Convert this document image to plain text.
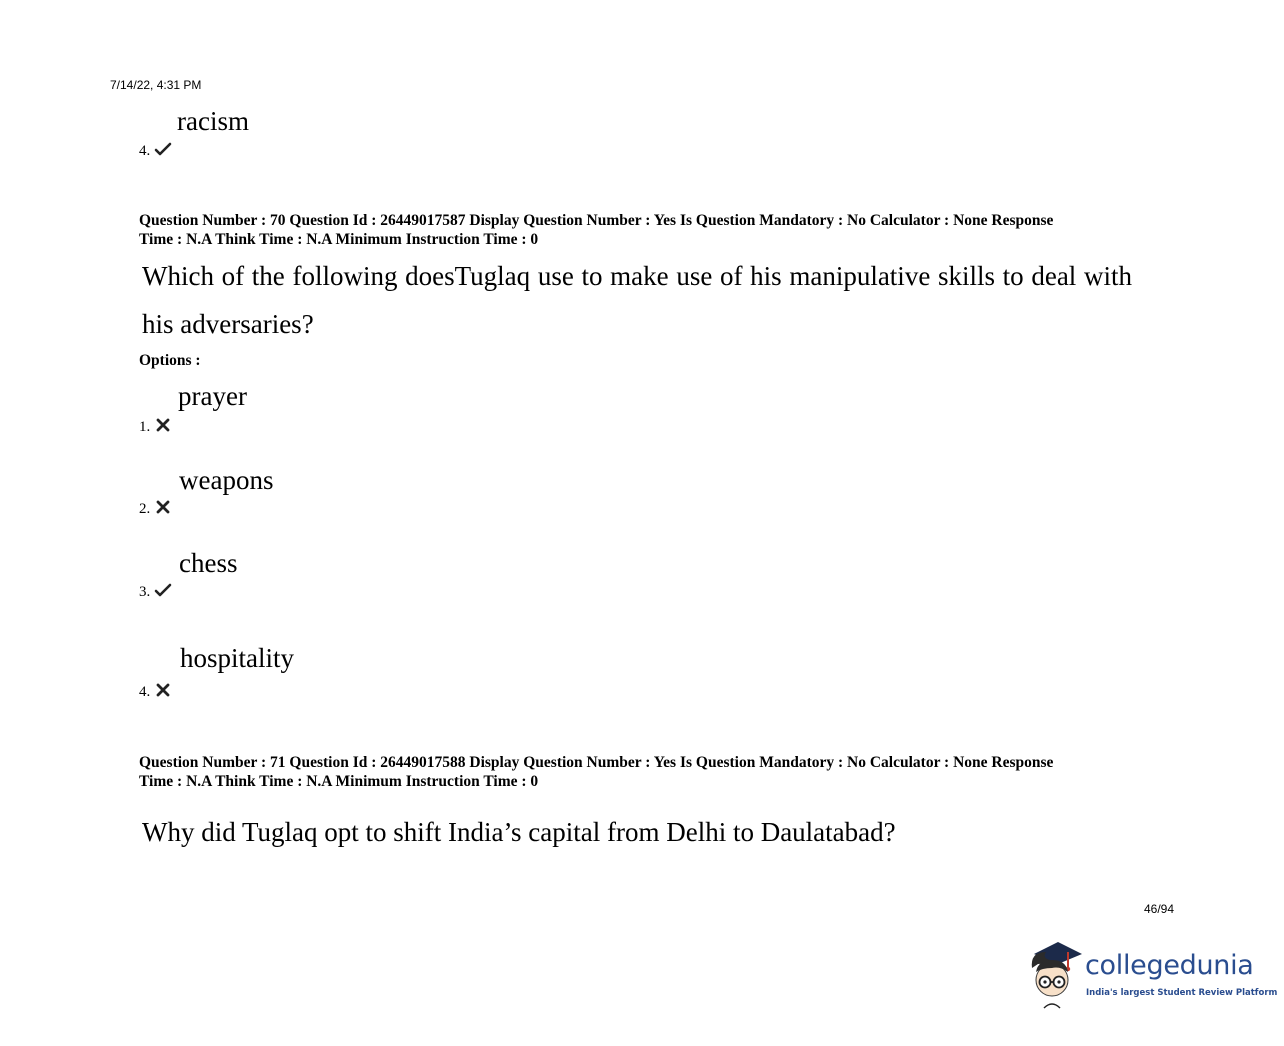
7/14/22, 4:31 PM
racism
4.
Question Number : 70 Question Id : 26449017587 Display Question Number : Yes Is Question Mandatory : No Calculator : None Response
Time : N.A Think Time : N.A Minimum Instruction Time : 0
Which of the following doesTuglaq use to make use of his manipulative skills to deal with his adversaries?
Options :
prayer
1.
weapons
2.
chess
3.
hospitality
4.
Question Number : 71 Question Id : 26449017588 Display Question Number : Yes Is Question Mandatory : No Calculator : None Response
Time : N.A Think Time : N.A Minimum Instruction Time : 0
Why did Tuglaq opt to shift India’s capital from Delhi to Daulatabad?
46/94
collegedunia
India's largest Student Review Platform
